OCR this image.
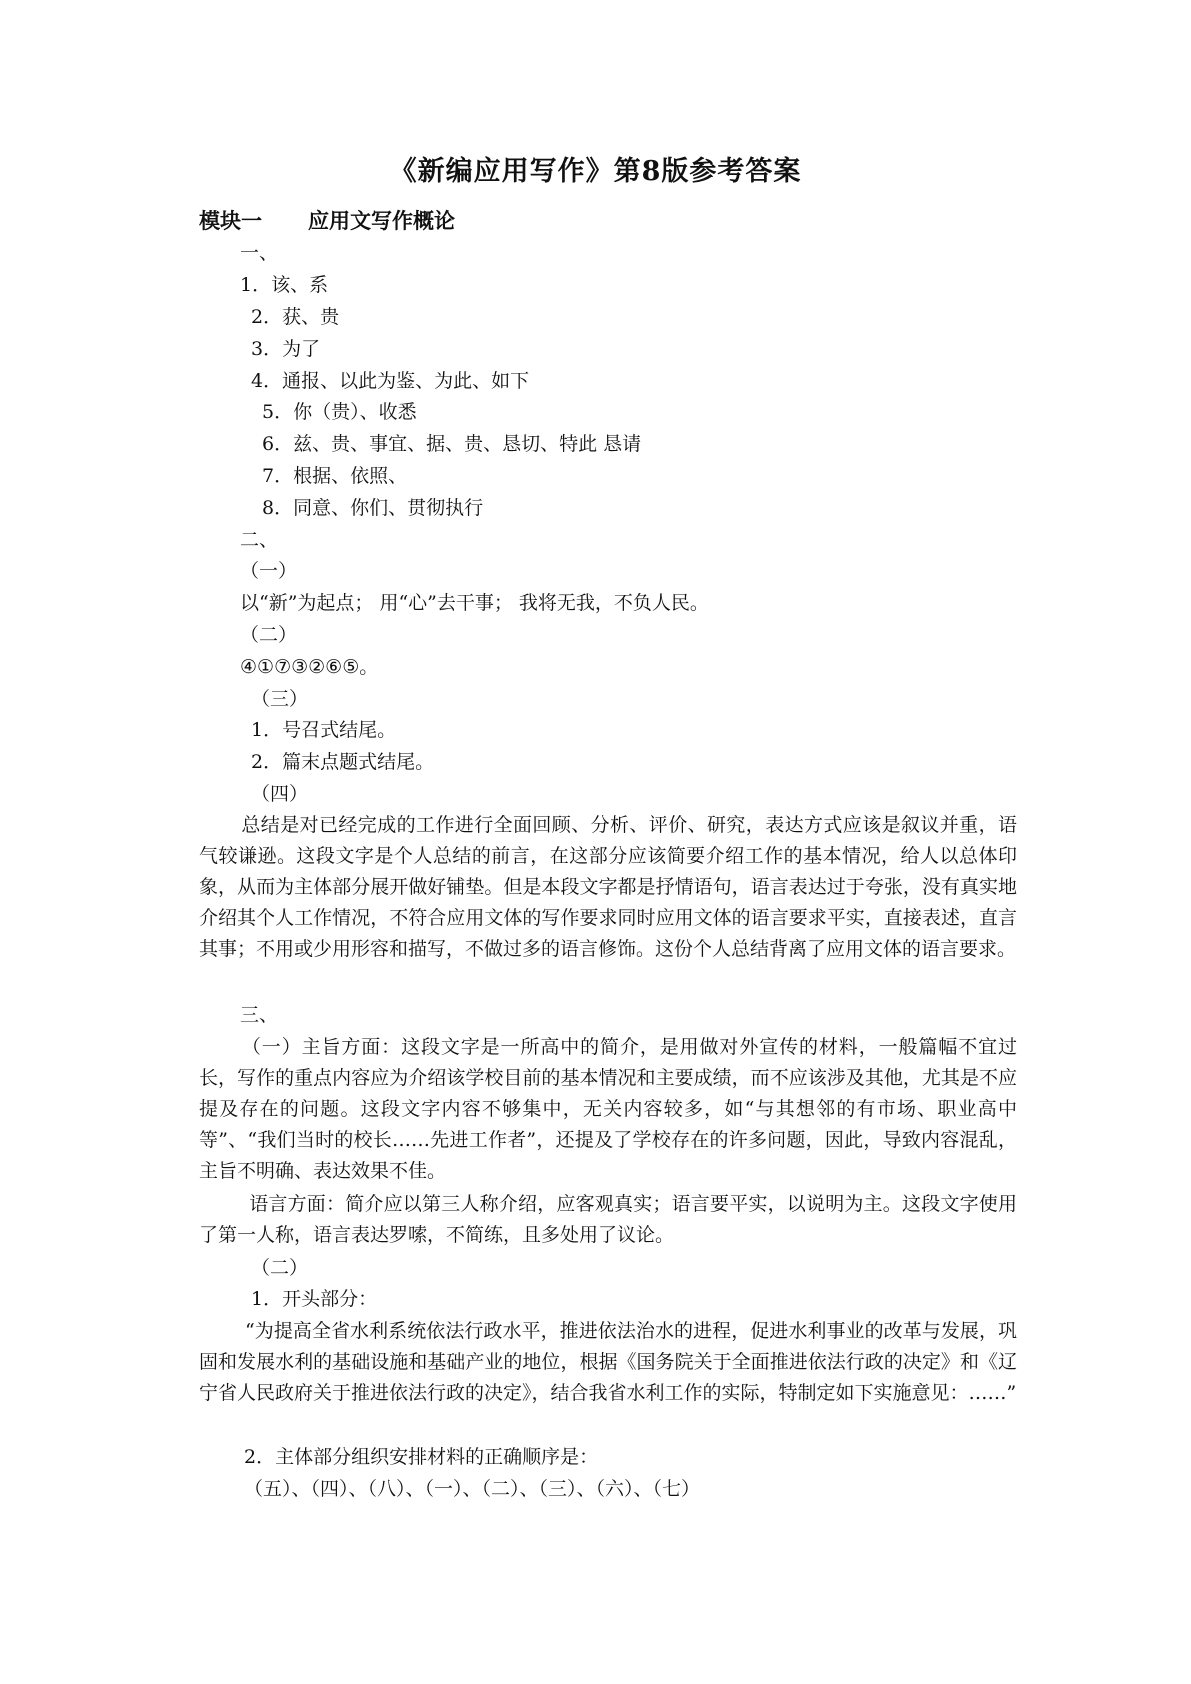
《新编应用写作》第8版参考答案
模块一 应用文写作概论
一、
1．该、系
2．获、贵
3．为了
4．通报、以此为鉴、为此、如下
5．你（贵）、收悉
6．兹、贵、事宜、据、贵、恳切、特此 恳请
7．根据、依照、
8．同意、你们、贯彻执行
二、
（一）
以“新”为起点； 用“心”去干事； 我将无我，不负人民。
（二）
④①⑦③②⑥⑤。
（三）
1．号召式结尾。
2．篇末点题式结尾。
（四）
总结是对已经完成的工作进行全面回顾、分析、评价、研究，表达方式应该是叙议并重，语气较谦逊。这段文字是个人总结的前言，在这部分应该简要介绍工作的基本情况，给人以总体印象，从而为主体部分展开做好铺垫。但是本段文字都是抒情语句，语言表达过于夸张，没有真实地介绍其个人工作情况，不符合应用文体的写作要求同时应用文体的语言要求平实，直接表述，直言其事；不用或少用形容和描写，不做过多的语言修饰。这份个人总结背离了应用文体的语言要求。
三、
（一）主旨方面：这段文字是一所高中的简介，是用做对外宣传的材料，一般篇幅不宜过长，写作的重点内容应为介绍该学校目前的基本情况和主要成绩，而不应该涉及其他，尤其是不应提及存在的问题。这段文字内容不够集中，无关内容较多，如“与其想邻的有市场、职业高中等”、“我们当时的校长……先进工作者”，还提及了学校存在的许多问题，因此，导致内容混乱，主旨不明确、表达效果不佳。
语言方面：简介应以第三人称介绍，应客观真实；语言要平实，以说明为主。这段文字使用了第一人称，语言表达罗嗦，不简练，且多处用了议论。
（二）
1．开头部分：
“为提高全省水利系统依法行政水平，推进依法治水的进程，促进水利事业的改革与发展，巩固和发展水利的基础设施和基础产业的地位，根据《国务院关于全面推进依法行政的决定》和《辽宁省人民政府关于推进依法行政的决定》，结合我省水利工作的实际，特制定如下实施意见：……”
2．主体部分组织安排材料的正确顺序是：
（五）、（四）、（八）、（一）、（二）、（三）、（六）、（七）
